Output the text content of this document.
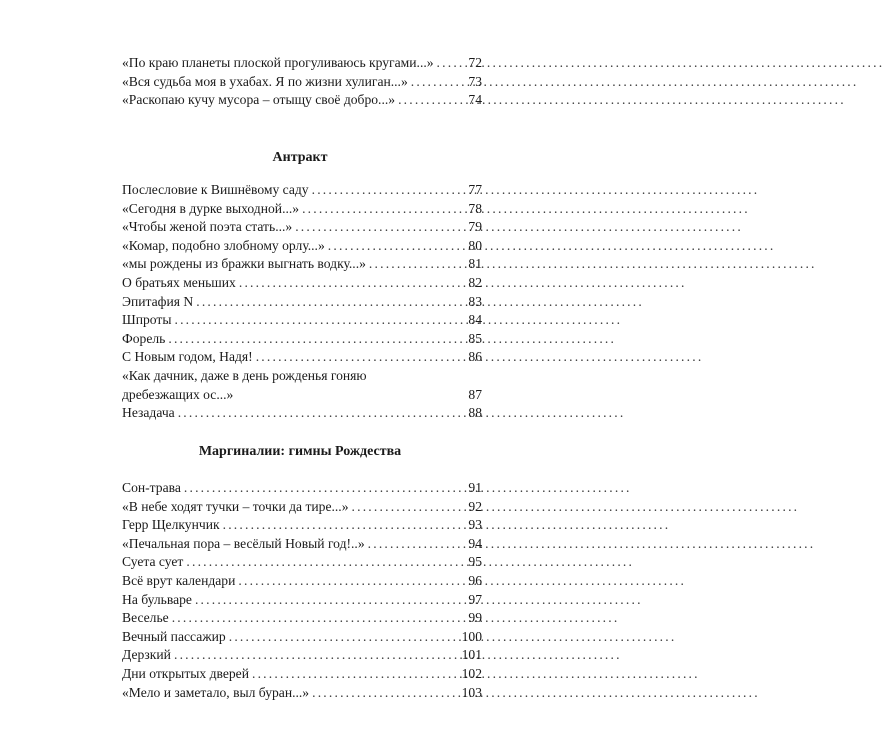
«По краю планеты плоской прогуливаюсь кругами...» . . .	72
«Вся судьба моя в ухабах. Я по жизни хулиган...» . . .	73
«Раскопаю кучу мусора – отыщу своё добро...» . . .	74
Антракт
Послесловие к Вишнёвому саду . . .	77
«Сегодня в дурке выходной...» . . .	78
«Чтобы женой поэта стать...» . . .	79
«Комар, подобно злобному орлу...» . . .	80
«мы рождены из бражки выгнать водку...» . . .	81
О братьях меньших . . .	82
Эпитафия N . . .	83
Шпроты . . .	84
Форель . . .	85
С Новым годом, Надя! . . .	86
«Как дачник, даже в день рожденья гоняю
дребезжащих ос...»	87
Незадача . . .	88
Маргиналии: гимны Рождества
Сон-трава . . .	91
«В небе ходят тучки – точки да тире...» . . .	92
Герр Щелкунчик . . .	93
«Печальная пора – весёлый Новый год!..» . . .	94
Суета сует . . .	95
Всё врут календари . . .	96
На бульваре . . .	97
Веселье . . .	99
Вечный пассажир . . .	100
Дерзкий . . .	101
Дни открытых дверей . . .	102
«Мело и заметало, выл буран...» . . .	103
